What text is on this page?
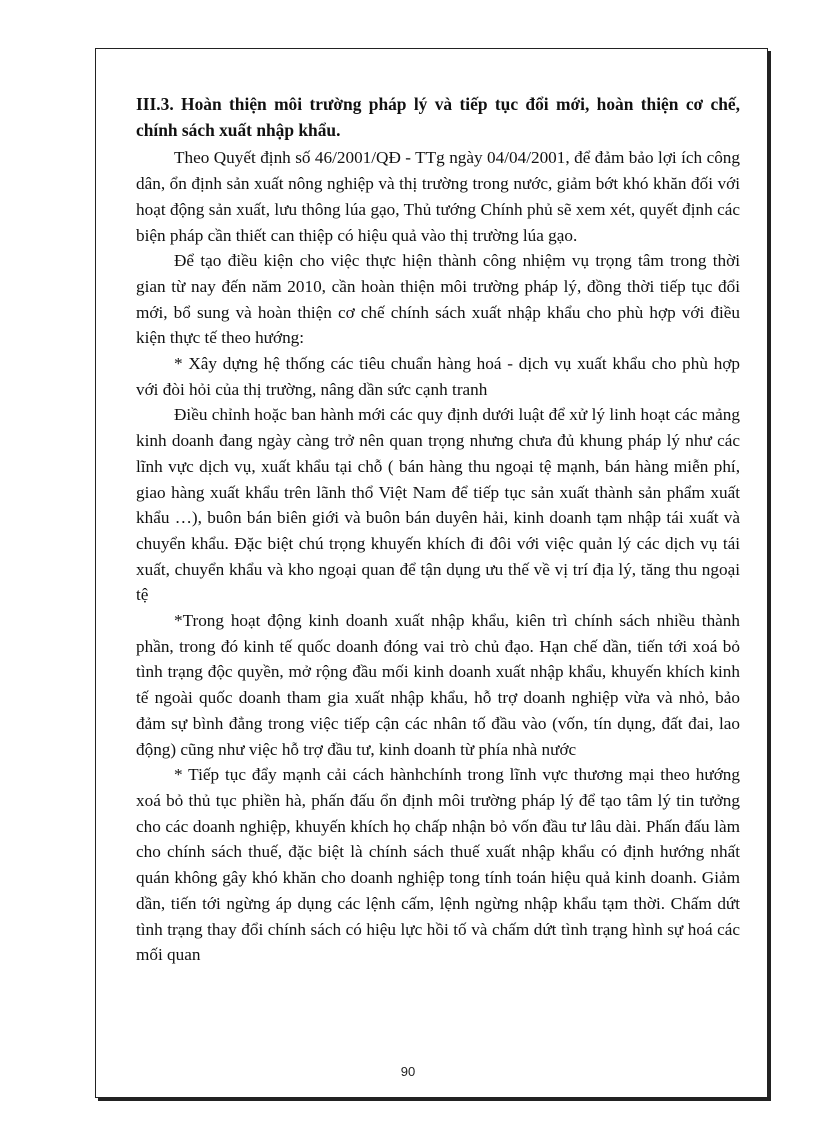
III.3. Hoàn thiện môi trường pháp lý và tiếp tục đổi mới, hoàn thiện cơ chế, chính sách xuất nhập khẩu.

Theo Quyết định số 46/2001/QĐ - TTg ngày 04/04/2001, để đảm bảo lợi ích công dân, ổn định sản xuất nông nghiệp và thị trường trong nước, giảm bớt khó khăn đối với hoạt động sản xuất, lưu thông lúa gạo, Thủ tướng Chính phủ sẽ xem xét, quyết định các biện pháp cần thiết can thiệp có hiệu quả vào thị trường lúa gạo.

Để tạo điều kiện cho việc thực hiện thành công nhiệm vụ trọng tâm trong thời gian từ nay đến năm 2010, cần hoàn thiện môi trường pháp lý, đồng thời tiếp tục đổi mới, bổ sung và hoàn thiện cơ chế chính sách xuất nhập khẩu cho phù hợp với điều kiện thực tế theo hướng:

* Xây dựng hệ thống các tiêu chuẩn hàng hoá - dịch vụ xuất khẩu cho phù hợp với đòi hỏi của thị trường, nâng dần sức cạnh tranh

Điều chỉnh hoặc ban hành mới các quy định dưới luật để xử lý linh hoạt các mảng kinh doanh đang ngày càng trở nên quan trọng nhưng chưa đủ khung pháp lý như các lĩnh vực dịch vụ, xuất khẩu tại chỗ ( bán hàng thu ngoại tệ mạnh, bán hàng miễn phí, giao hàng xuất khẩu trên lãnh thổ Việt Nam để tiếp tục sản xuất thành sản phẩm xuất khẩu …), buôn bán biên giới và buôn bán duyên hải, kinh doanh tạm nhập tái xuất và chuyển khẩu. Đặc biệt chú trọng khuyến khích đi đôi với việc quản lý các dịch vụ tái xuất, chuyển khẩu và kho ngoại quan để tận dụng ưu thế về vị trí địa lý, tăng thu ngoại tệ

*Trong hoạt động kinh doanh xuất nhập khẩu, kiên trì chính sách nhiều thành phần, trong đó kinh tế quốc doanh đóng vai trò chủ đạo. Hạn chế dần, tiến tới xoá bỏ tình trạng độc quyền, mở rộng đầu mối kinh doanh xuất nhập khẩu, khuyến khích kinh tế ngoài quốc doanh tham gia xuất nhập khẩu, hỗ trợ doanh nghiệp vừa và nhỏ, bảo đảm sự bình đẳng trong việc tiếp cận các nhân tố đầu vào (vốn, tín dụng, đất đai, lao động) cũng như việc hỗ trợ đầu tư, kinh doanh từ phía nhà nước

* Tiếp tục đẩy mạnh cải cách hànhchính trong lĩnh vực thương mại theo hướng xoá bỏ thủ tục phiền hà, phấn đấu ổn định môi trường pháp lý để tạo tâm lý tin tưởng cho các doanh nghiệp, khuyến khích họ chấp nhận bỏ vốn đầu tư lâu dài. Phấn đấu làm cho chính sách thuế, đặc biệt là chính sách thuế xuất nhập khẩu có định hướng nhất quán không gây khó khăn cho doanh nghiệp tong tính toán hiệu quả kinh doanh. Giảm dần, tiến tới ngừng áp dụng các lệnh cấm, lệnh ngừng nhập khẩu tạm thời. Chấm dứt tình trạng thay đổi chính sách có hiệu lực hồi tố và chấm dứt tình trạng hình sự hoá các mối quan

90
